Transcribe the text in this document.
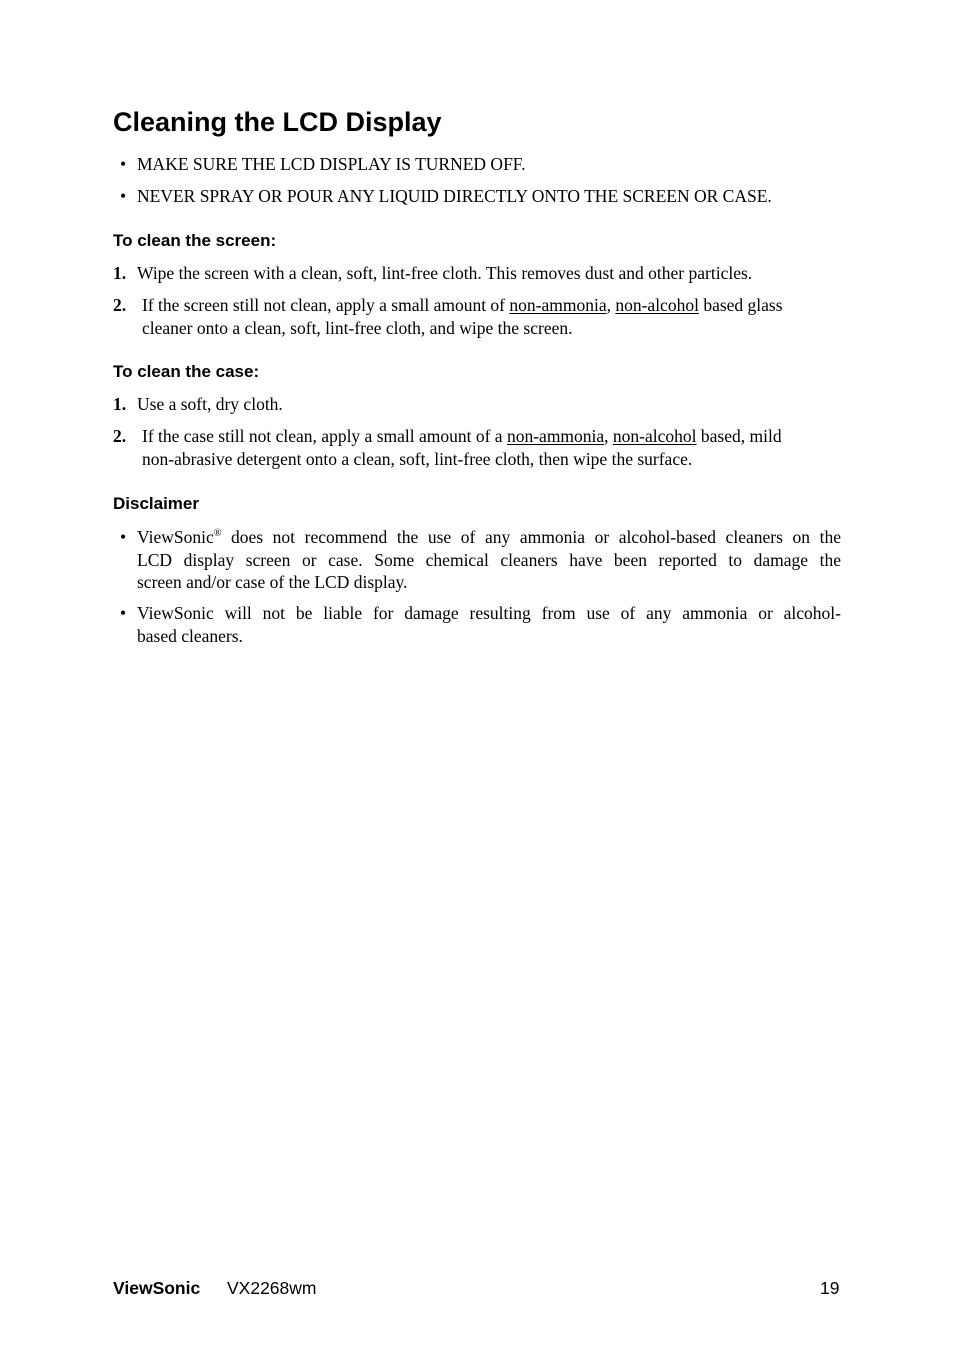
Cleaning the LCD Display
• MAKE SURE THE LCD DISPLAY IS TURNED OFF.
• NEVER SPRAY OR POUR ANY LIQUID DIRECTLY ONTO THE SCREEN OR CASE.
To clean the screen:
1. Wipe the screen with a clean, soft, lint-free cloth. This removes dust and other particles.
2. If the screen still not clean, apply a small amount of non-ammonia, non-alcohol based glass
cleaner onto a clean, soft, lint-free cloth, and wipe the screen.
To clean the case:
1. Use a soft, dry cloth.
2. If the case still not clean, apply a small amount of a non-ammonia, non-alcohol based, mild
non-abrasive detergent onto a clean, soft, lint-free cloth, then wipe the surface.
Disclaimer
• ViewSonic® does not recommend the use of any ammonia or alcohol-based cleaners on the
LCD display screen or case. Some chemical cleaners have been reported to damage the
screen and/or case of the LCD display.
• ViewSonic will not be liable for damage resulting from use of any ammonia or alcohol-
based cleaners.
ViewSonic VX2268wm	19
